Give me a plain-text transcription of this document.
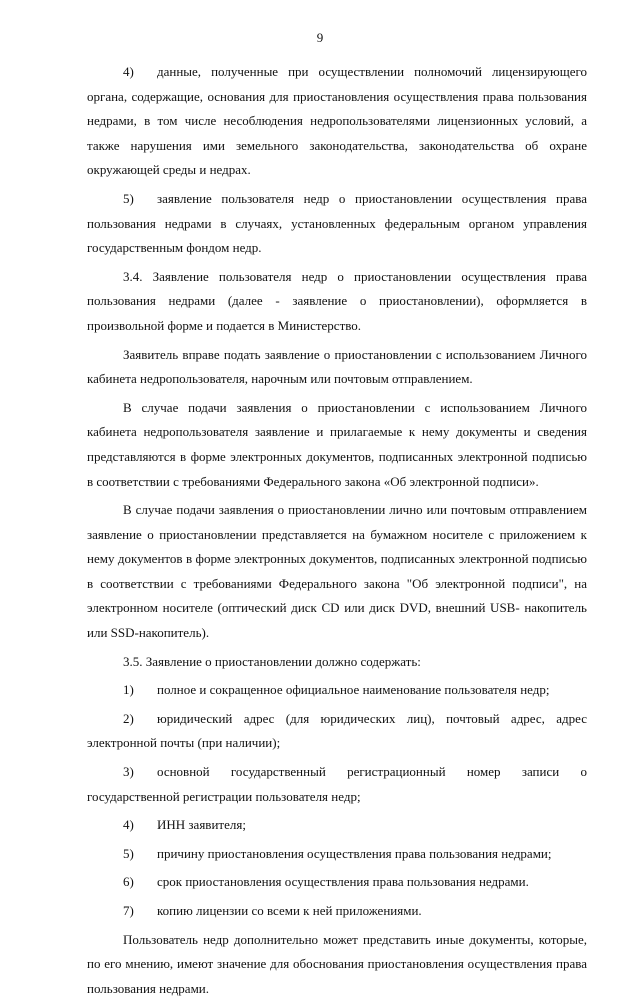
9

4) данные, полученные при осуществлении полномочий лицензирующего органа, содержащие, основания для приостановления осуществления права пользования недрами, в том числе несоблюдения недропользователями лицензионных условий, а также нарушения ими земельного законодательства, законодательства об охране окружающей среды и недрах.

5) заявление пользователя недр о приостановлении осуществления права пользования недрами в случаях, установленных федеральным органом управления государственным фондом недр.

3.4. Заявление пользователя недр о приостановлении осуществления права пользования недрами (далее - заявление о приостановлении), оформляется в произвольной форме и подается в Министерство.

Заявитель вправе подать заявление о приостановлении с использованием Личного кабинета недропользователя, нарочным или почтовым отправлением.

В случае подачи заявления о приостановлении с использованием Личного кабинета недропользователя заявление и прилагаемые к нему документы и сведения представляются в форме электронных документов, подписанных электронной подписью в соответствии с требованиями Федерального закона «Об электронной подписи».

В случае подачи заявления о приостановлении лично или почтовым отправлением заявление о приостановлении представляется на бумажном носителе с приложением к нему документов в форме электронных документов, подписанных электронной подписью в соответствии с требованиями Федерального закона "Об электронной подписи", на электронном носителе (оптический диск CD или диск DVD, внешний USB- накопитель или SSD-накопитель).

3.5. Заявление о приостановлении должно содержать:

1) полное и сокращенное официальное наименование пользователя недр;

2) юридический адрес (для юридических лиц), почтовый адрес, адрес электронной почты (при наличии);

3) основной государственный регистрационный номер записи о государственной регистрации пользователя недр;

4) ИНН заявителя;

5) причину приостановления осуществления права пользования недрами;

6) срок приостановления осуществления права пользования недрами.

7) копию лицензии со всеми к ней приложениями.

Пользователь недр дополнительно может представить иные документы, которые, по его мнению, имеют значение для обоснования приостановления осуществления права пользования недрами.
